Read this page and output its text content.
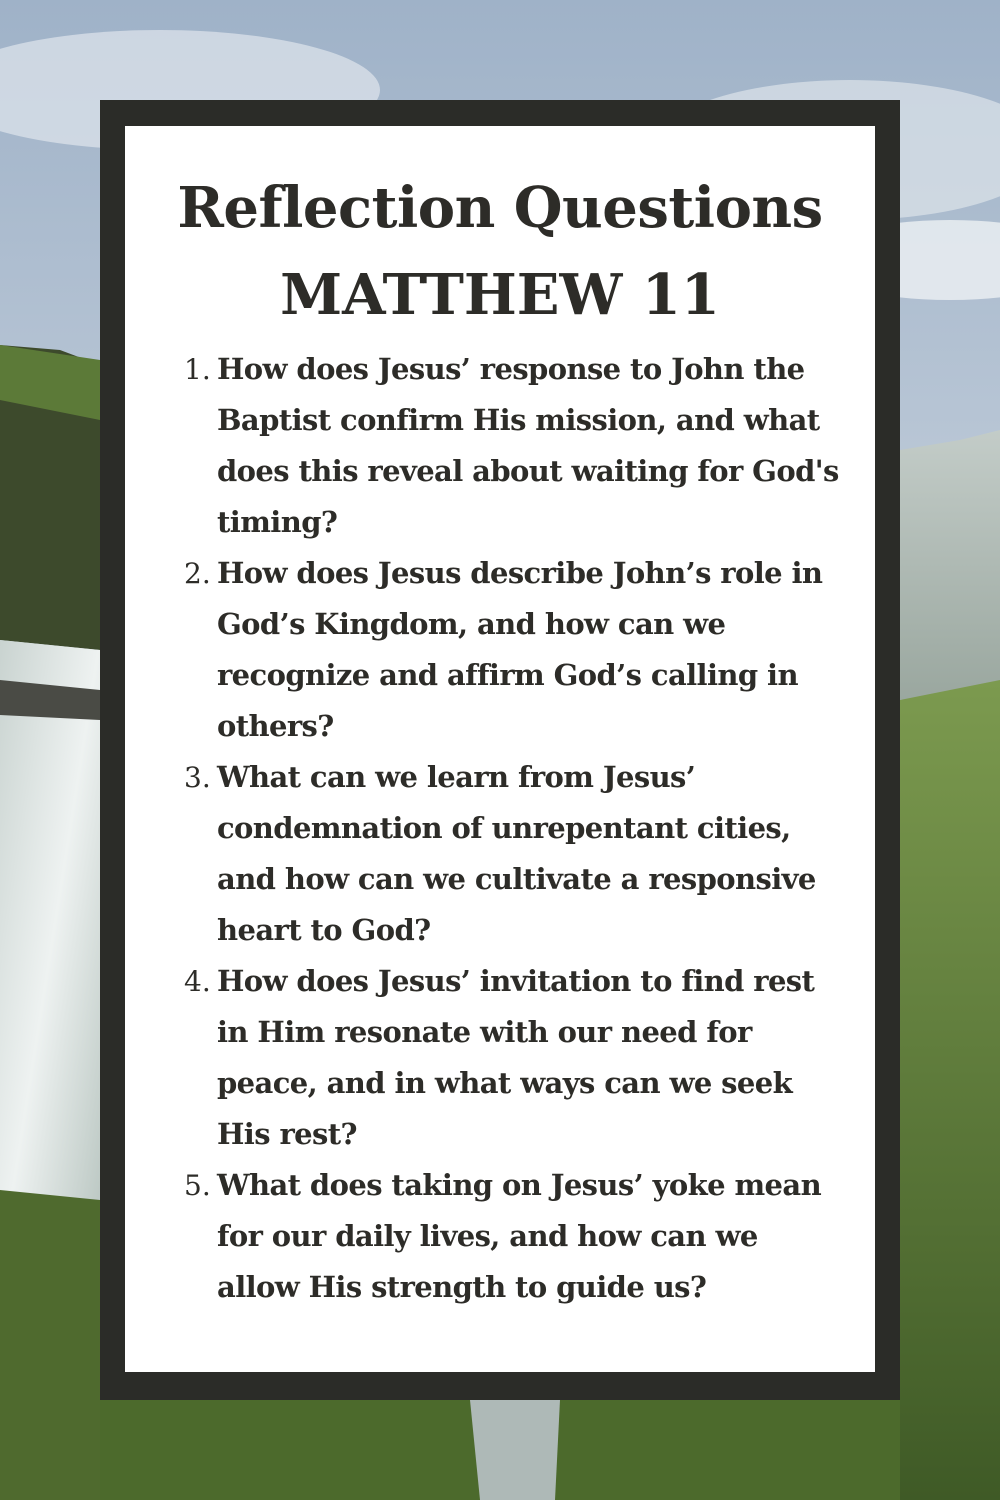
Reflection Questions
MATTHEW 11
1. How does Jesus’ response to John the Baptist confirm His mission, and what does this reveal about waiting for God's timing?
2. How does Jesus describe John’s role in God’s Kingdom, and how can we recognize and affirm God’s calling in others?
3. What can we learn from Jesus’ condemnation of unrepentant cities, and how can we cultivate a responsive heart to God?
4. How does Jesus’ invitation to find rest in Him resonate with our need for peace, and in what ways can we seek His rest?
5. What does taking on Jesus’ yoke mean for our daily lives, and how can we allow His strength to guide us?
